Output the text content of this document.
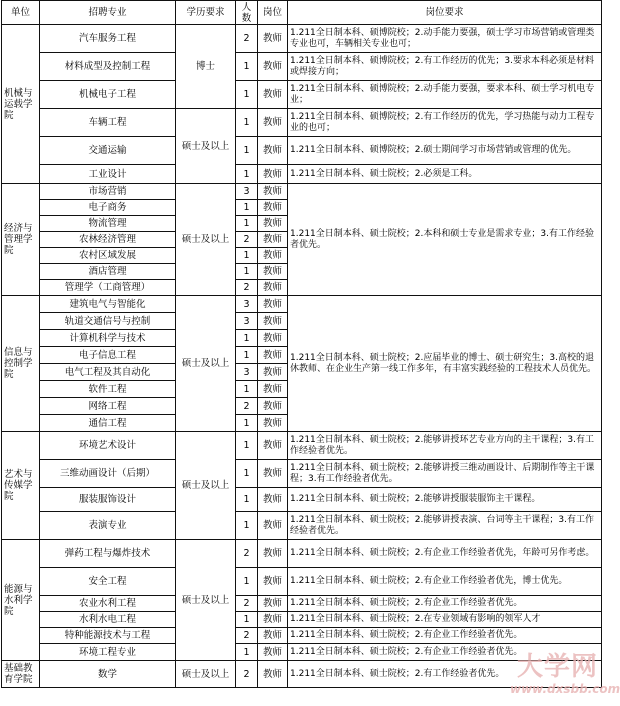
单位	招聘专业	学历要求	人数	岗位	岗位要求
机械与运载学院	汽车服务工程	博士	2	教师	1.211全日制本科、硕博院校；2.动手能力要强，硕士学习市场营销或管理类专业也可，车辆相关专业也可；
	材料成型及控制工程		1	教师	1.211全日制本科、硕博院校；2.有工作经历的优先；3.要求本科必须是材料或焊接方向；
	机械电子工程		1	教师	1.211全日制本科、硕博院校；2.动手能力要强，要求本科、硕士学习机电专业；
	车辆工程	硕士及以上	1	教师	1.211全日制本科、硕博院校；2.有工作经历的优先，学习热能与动力工程专业的也可；
	交通运输		1	教师	1.211全日制本科、硕博院校；2.硕士期间学习市场营销或管理的优先。
	工业设计		1	教师	1.211全日制本科、硕士院校；2.必须是工科。
经济与管理学院	市场营销	硕士及以上	3	教师	1.211全日制本科、硕士院校；2.本科和硕士专业是需求专业；3.有工作经验者优先。
	电子商务		1	教师	
	物流管理		1	教师	
	农林经济管理		2	教师	
	农村区域发展		1	教师	
	酒店管理		1	教师	
	管理学（工商管理）		2	教师	
信息与控制学院	建筑电气与智能化	硕士及以上	3	教师	1.211全日制本科、硕士院校；2.应届毕业的博士、硕士研究生；3.高校的退休教师、在企业生产第一线工作多年，有丰富实践经验的工程技术人员优先。
	轨道交通信号与控制		3	教师	
	计算机科学与技术		1	教师	
	电子信息工程		1	教师	
	电气工程及其自动化		3	教师	
	软件工程		1	教师	
	网络工程		2	教师	
	通信工程		1	教师	
艺术与传媒学院	环境艺术设计	硕士及以上	1	教师	1.211全日制本科、硕士院校；2.能够讲授环艺专业方向的主干课程；3.有工作经验者优先。
	三维动画设计（后期）		1	教师	1.211全日制本科、硕士院校；2.能够讲授三维动画设计、后期制作等主干课程；3.有工作经验者优先。
	服装服饰设计		1	教师	1.211全日制本科、硕士院校；2.能够讲授服装服饰主干课程。
	表演专业		1	教师	1.211全日制本科、硕士院校；2.能够讲授表演、台词等主干课程；3.有工作经验者优先。
能源与水利学院	弹药工程与爆炸技术	硕士及以上	2	教师	1.211全日制本科、硕士院校；2.有企业工作经验者优先，年龄可另作考虑。
	安全工程		1	教师	1.211全日制本科、硕士院校；2.有企业工作经验者优先，博士优先。
	农业水利工程		2	教师	1.211全日制本科、硕士院校；2.有企业工作经验者优先。
	水利水电工程		1	教师	1.211全日制本科、硕士院校；2.在专业领域有影响的领军人才
	特种能源技术与工程		2	教师	1.211全日制本科、硕士院校；2.有企业工作经验者优先。
	环境工程专业		1	教师	1.211全日制本科、硕士院校；2.有企业工作经验者优先。
基础教育学院	数学	硕士及以上	2	教师	1.211全日制本科、硕士院校；2.有工作经验者优先。 大学网
www.dxsbb.com
